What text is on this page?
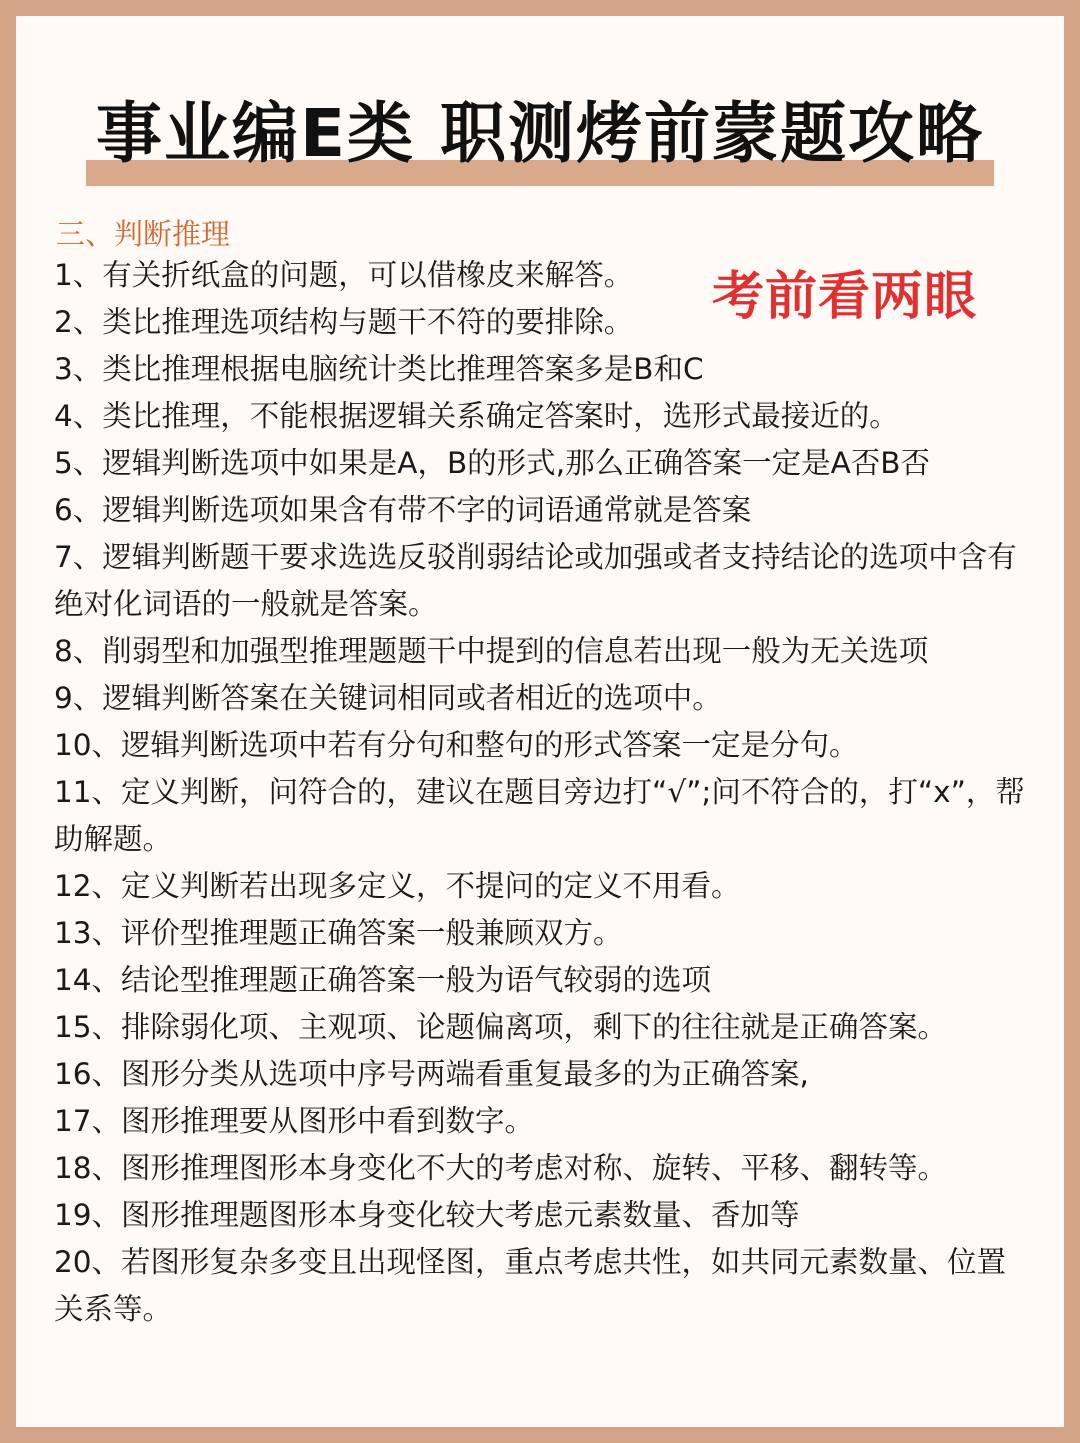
事业编E类 职测烤前蒙题攻略
三、判断推理
1、有关折纸盒的问题，可以借橡皮来解答。
2、类比推理选项结构与题干不符的要排除。
3、类比推理根据电脑统计类比推理答案多是B和C
4、类比推理，不能根据逻辑关系确定答案时，选形式最接近的。
5、逻辑判断选项中如果是A，B的形式,那么正确答案一定是A否B否
6、逻辑判断选项如果含有带不字的词语通常就是答案
7、逻辑判断题干要求选选反驳削弱结论或加强或者支持结论的选项中含有绝对化词语的一般就是答案。
8、削弱型和加强型推理题题干中提到的信息若出现一般为无关选项
9、逻辑判断答案在关键词相同或者相近的选项中。
10、逻辑判断选项中若有分句和整句的形式答案一定是分句。
11、定义判断，问符合的，建议在题目旁边打“√”;问不符合的，打“x”，帮助解题。
12、定义判断若出现多定义，不提问的定义不用看。
13、评价型推理题正确答案一般兼顾双方。
14、结论型推理题正确答案一般为语气较弱的选项
15、排除弱化项、主观项、论题偏离项，剩下的往往就是正确答案。
16、图形分类从选项中序号两端看重复最多的为正确答案,
17、图形推理要从图形中看到数字。
18、图形推理图形本身变化不大的考虑对称、旋转、平移、翻转等。
19、图形推理题图形本身变化较大考虑元素数量、香加等
20、若图形复杂多变且出现怪图，重点考虑共性，如共同元素数量、位置关系等。
考前看两眼
